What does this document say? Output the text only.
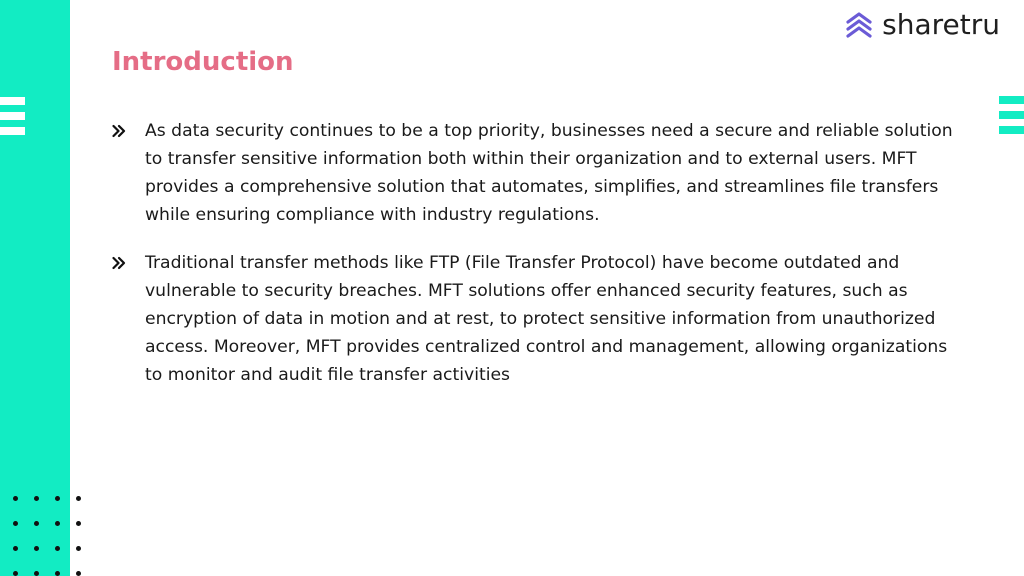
sharetru
Introduction
As data security continues to be a top priority, businesses need a secure and reliable solution to transfer sensitive information both within their organization and to external users. MFT provides a comprehensive solution that automates, simplifies, and streamlines file transfers while ensuring compliance with industry regulations.
Traditional transfer methods like FTP (File Transfer Protocol) have become outdated and vulnerable to security breaches. MFT solutions offer enhanced security features, such as encryption of data in motion and at rest, to protect sensitive information from unauthorized access. Moreover, MFT provides centralized control and management, allowing organizations to monitor and audit file transfer activities
